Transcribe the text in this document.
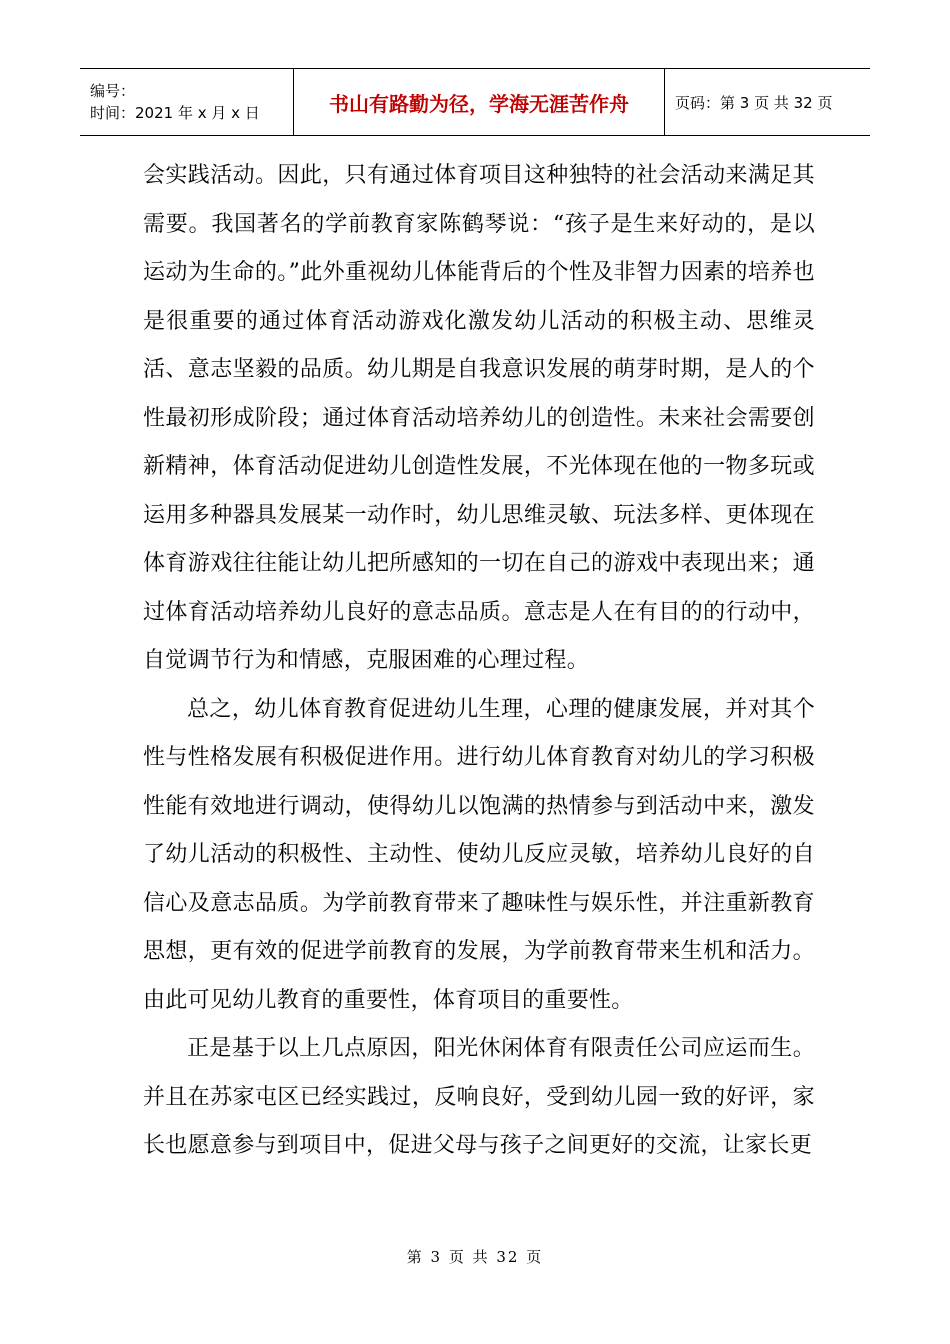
编号：
时间：2021 年 x 月 x 日	书山有路勤为径，学海无涯苦作舟	页码：第 3 页 共 32 页

会实践活动。因此，只有通过体育项目这种独特的社会活动来满足其需要。我国著名的学前教育家陈鹤琴说：“孩子是生来好动的，是以运动为生命的。”此外重视幼儿体能背后的个性及非智力因素的培养也是很重要的通过体育活动游戏化激发幼儿活动的积极主动、思维灵活、意志坚毅的品质。幼儿期是自我意识发展的萌芽时期，是人的个性最初形成阶段；通过体育活动培养幼儿的创造性。未来社会需要创新精神，体育活动促进幼儿创造性发展，不光体现在他的一物多玩或运用多种器具发展某一动作时，幼儿思维灵敏、玩法多样、更体现在体育游戏往往能让幼儿把所感知的一切在自己的游戏中表现出来；通过体育活动培养幼儿良好的意志品质。意志是人在有目的的行动中，自觉调节行为和情感，克服困难的心理过程。

总之，幼儿体育教育促进幼儿生理，心理的健康发展，并对其个性与性格发展有积极促进作用。进行幼儿体育教育对幼儿的学习积极性能有效地进行调动，使得幼儿以饱满的热情参与到活动中来，激发了幼儿活动的积极性、主动性、使幼儿反应灵敏，培养幼儿良好的自信心及意志品质。为学前教育带来了趣味性与娱乐性，并注重新教育思想，更有效的促进学前教育的发展，为学前教育带来生机和活力。由此可见幼儿教育的重要性，体育项目的重要性。

正是基于以上几点原因，阳光休闲体育有限责任公司应运而生。并且在苏家屯区已经实践过，反响良好，受到幼儿园一致的好评，家长也愿意参与到项目中，促进父母与孩子之间更好的交流，让家长更

第 3 页 共 32 页
